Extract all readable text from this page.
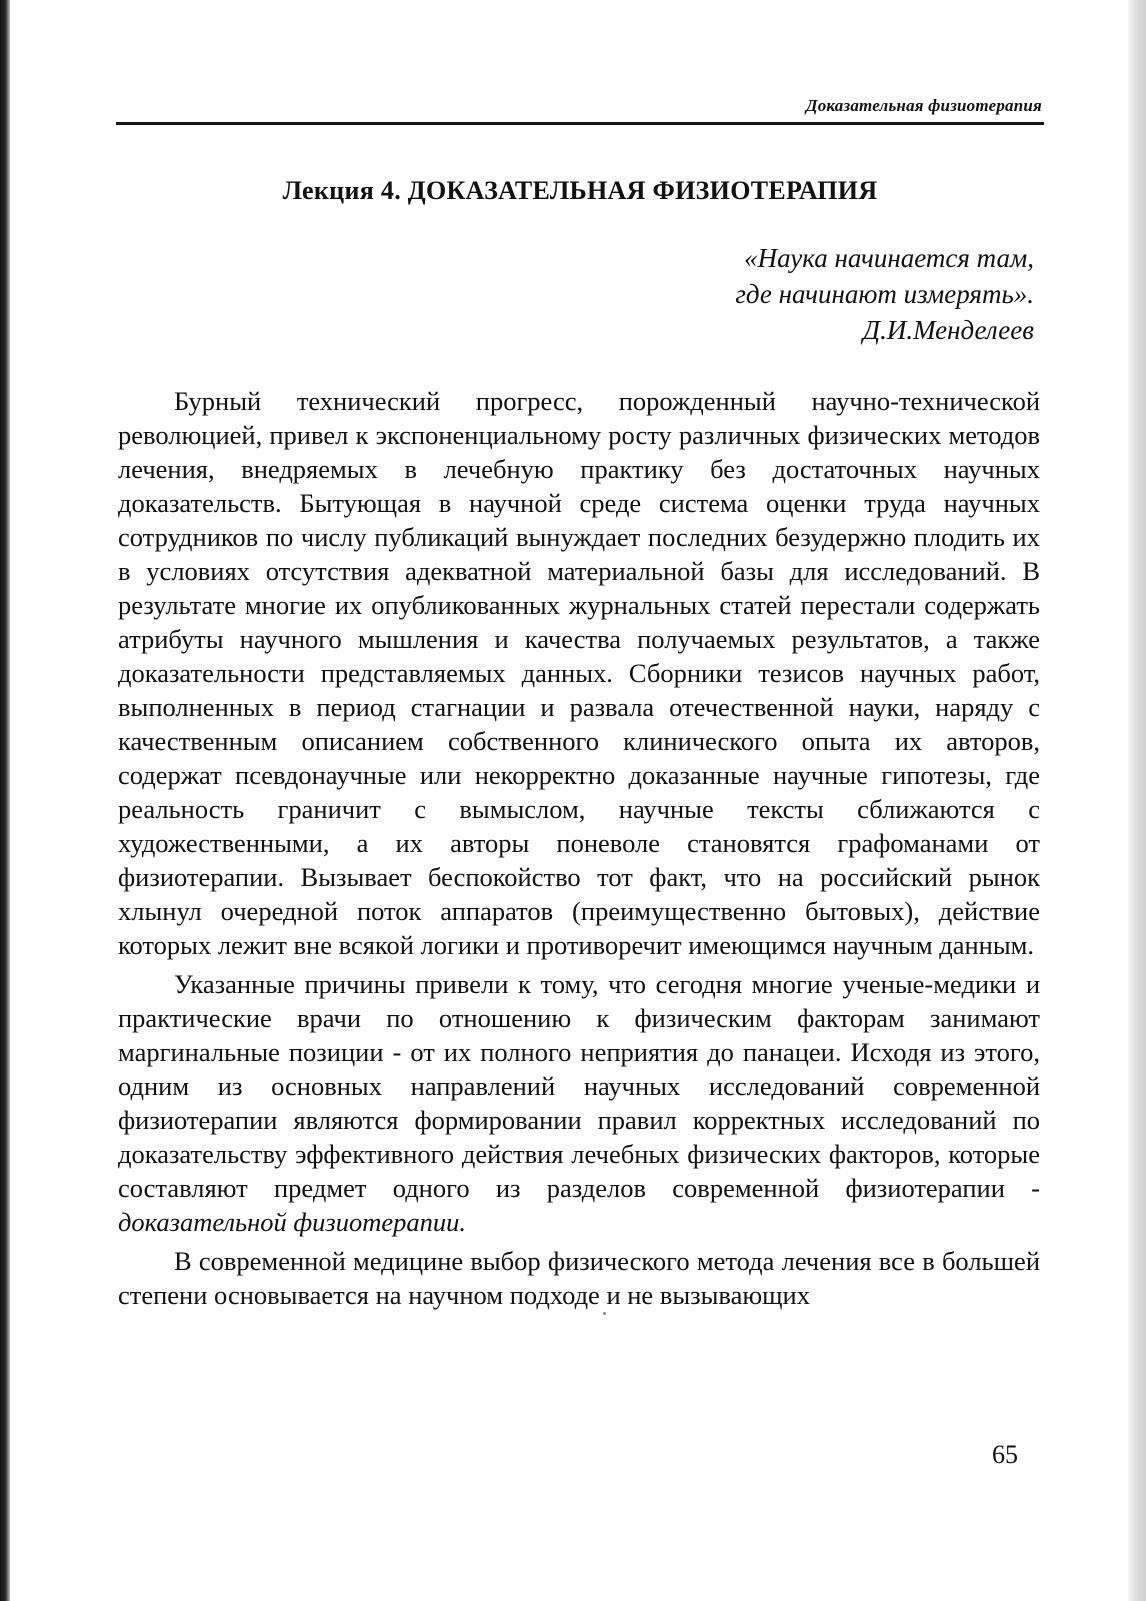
Доказательная физиотерапия
Лекция 4. ДОКАЗАТЕЛЬНАЯ ФИЗИОТЕРАПИЯ
«Наука начинается там,
где начинают измерять».
Д.И.Менделеев

Бурный технический прогресс, порожденный научно-технической революцией, привел к экспоненциальному росту различных физических методов лечения, внедряемых в лечебную практику без достаточных научных доказательств. Бытующая в научной среде система оценки труда научных сотрудников по числу публикаций вынуждает последних безудержно плодить их в условиях отсутствия адекватной материальной базы для исследований. В результате многие их опубликованных журнальных статей перестали содержать атрибуты научного мышления и качества получаемых результатов, а также доказательности представляемых данных. Сборники тезисов научных работ, выполненных в период стагнации и развала отечественной науки, наряду с качественным описанием собственного клинического опыта их авторов, содержат псевдонаучные или некорректно доказанные научные гипотезы, где реальность граничит с вымыслом, научные тексты сближаются с художественными, а их авторы поневоле становятся графоманами от физиотерапии. Вызывает беспокойство тот факт, что на российский рынок хлынул очередной поток аппаратов (преимущественно бытовых), действие которых лежит вне всякой логики и противоречит имеющимся научным данным.

Указанные причины привели к тому, что сегодня многие ученые-медики и практические врачи по отношению к физическим факторам занимают маргинальные позиции - от их полного неприятия до панацеи. Исходя из этого, одним из основных направлений научных исследований современной физиотерапии являются формировании правил корректных исследований по доказательству эффективного действия лечебных физических факторов, которые составляют предмет одного из разделов современной физиотерапии - доказательной физиотерапии.

В современной медицине выбор физического метода лечения все в большей степени основывается на научном подходе и не вызывающих

65
